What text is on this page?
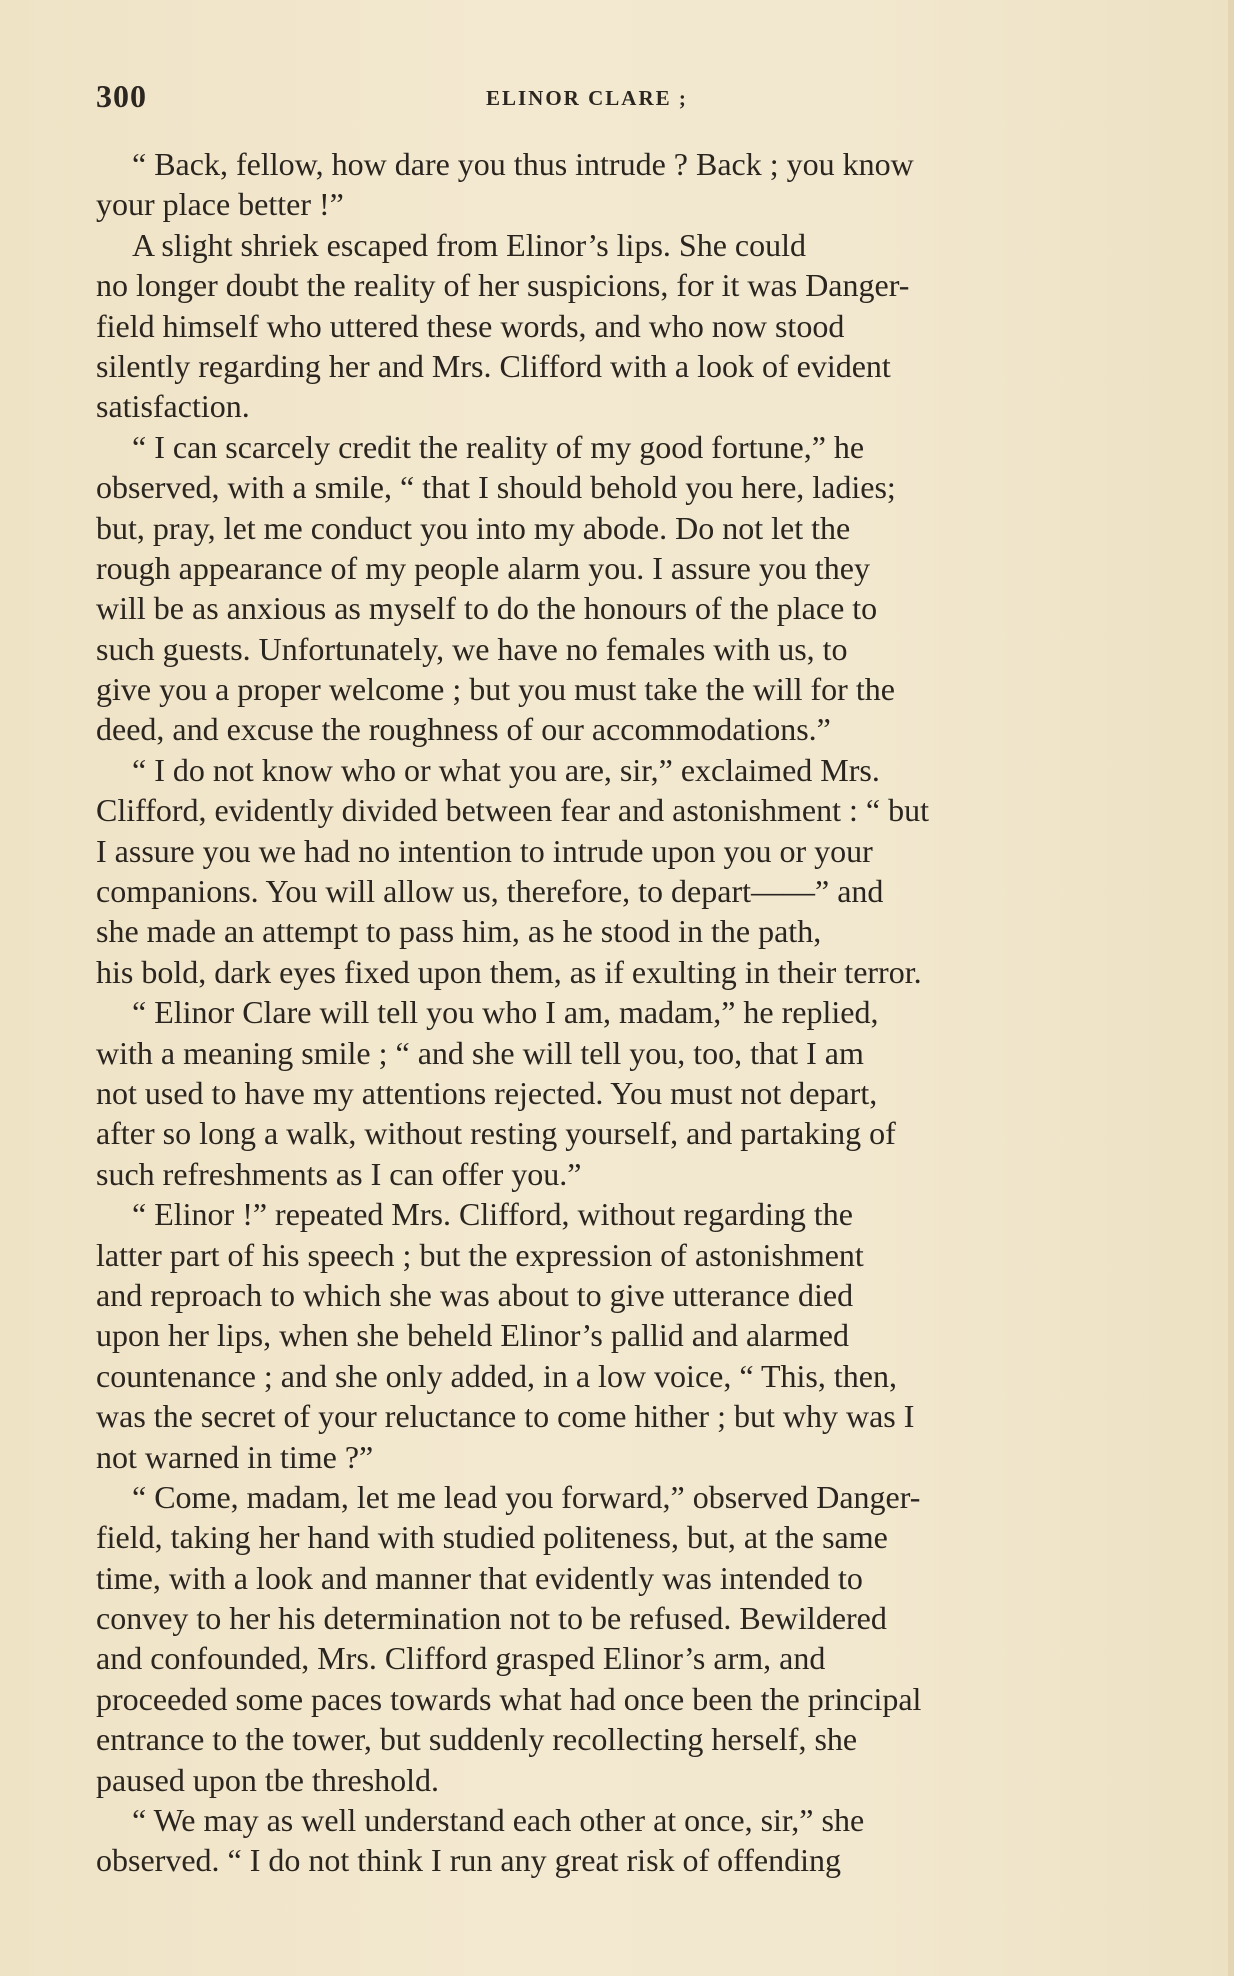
300	ELINOR CLARE ;
“ Back, fellow, how dare you thus intrude ? Back ; you know
your place better !”
A slight shriek escaped from Elinor’s lips. She could
no longer doubt the reality of her suspicions, for it was Danger-
field himself who uttered these words, and who now stood
silently regarding her and Mrs. Clifford with a look of evident
satisfaction.
“ I can scarcely credit the reality of my good fortune,” he
observed, with a smile, “ that I should behold you here, ladies;
but, pray, let me conduct you into my abode. Do not let the
rough appearance of my people alarm you. I assure you they
will be as anxious as myself to do the honours of the place to
such guests. Unfortunately, we have no females with us, to
give you a proper welcome ; but you must take the will for the
deed, and excuse the roughness of our accommodations.”
“ I do not know who or what you are, sir,” exclaimed Mrs.
Clifford, evidently divided between fear and astonishment : “ but
I assure you we had no intention to intrude upon you or your
companions. You will allow us, therefore, to depart——” and
she made an attempt to pass him, as he stood in the path,
his bold, dark eyes fixed upon them, as if exulting in their terror.
“ Elinor Clare will tell you who I am, madam,” he replied,
with a meaning smile ; “ and she will tell you, too, that I am
not used to have my attentions rejected. You must not depart,
after so long a walk, without resting yourself, and partaking of
such refreshments as I can offer you.”
“ Elinor !” repeated Mrs. Clifford, without regarding the
latter part of his speech ; but the expression of astonishment
and reproach to which she was about to give utterance died
upon her lips, when she beheld Elinor’s pallid and alarmed
countenance ; and she only added, in a low voice, “ This, then,
was the secret of your reluctance to come hither ; but why was I
not warned in time ?”
“ Come, madam, let me lead you forward,” observed Danger-
field, taking her hand with studied politeness, but, at the same
time, with a look and manner that evidently was intended to
convey to her his determination not to be refused. Bewildered
and confounded, Mrs. Clifford grasped Elinor’s arm, and
proceeded some paces towards what had once been the principal
entrance to the tower, but suddenly recollecting herself, she
paused upon tbe threshold.
“ We may as well understand each other at once, sir,” she
observed. “ I do not think I run any great risk of offending
